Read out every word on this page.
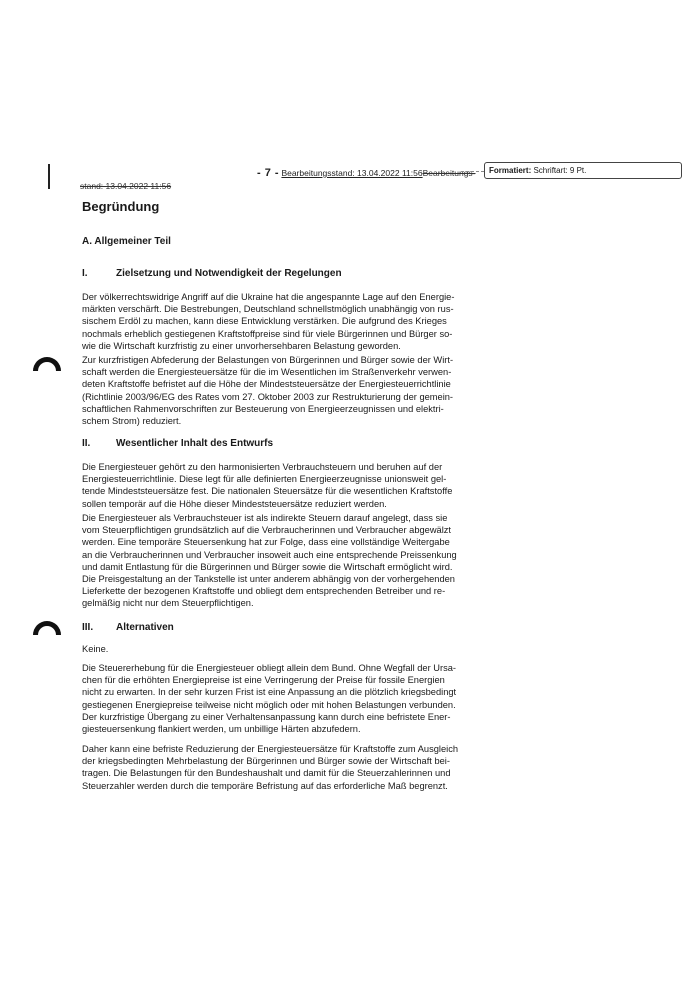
- 7 - Bearbeitungsstand: 13.04.2022 11:56Bearbeitungs-
stand: 13.04.2022 11:56
Formatiert: Schriftart: 9 Pt.
Begründung
A. Allgemeiner Teil
I.	Zielsetzung und Notwendigkeit der Regelungen
Der völkerrechtswidrige Angriff auf die Ukraine hat die angespannte Lage auf den Energie-
märkten verschärft. Die Bestrebungen, Deutschland schnellstmöglich unabhängig von rus-
sischem Erdöl zu machen, kann diese Entwicklung verstärken. Die aufgrund des Krieges
nochmals erheblich gestiegenen Kraftstoffpreise sind für viele Bürgerinnen und Bürger so-
wie die Wirtschaft kurzfristig zu einer unvorhersehbaren Belastung geworden.
Zur kurzfristigen Abfederung der Belastungen von Bürgerinnen und Bürger sowie der Wirt-
schaft werden die Energiesteuersätze für die im Wesentlichen im Straßenverkehr verwen-
deten Kraftstoffe befristet auf die Höhe der Mindeststeuersätze der Energiesteuerrichtlinie
(Richtlinie 2003/96/EG des Rates vom 27. Oktober 2003 zur Restrukturierung der gemein-
schaftlichen Rahmenvorschriften zur Besteuerung von Energieerzeugnissen und elektri-
schem Strom) reduziert.
II.	Wesentlicher Inhalt des Entwurfs
Die Energiesteuer gehört zu den harmonisierten Verbrauchsteuern und beruhen auf der
Energiesteuerrichtlinie. Diese legt für alle definierten Energieerzeugnisse unionsweit gel-
tende Mindeststeuersätze fest. Die nationalen Steuersätze für die wesentlichen Kraftstoffe
sollen temporär auf die Höhe dieser Mindeststeuersätze reduziert werden.
Die Energiesteuer als Verbrauchsteuer ist als indirekte Steuern darauf angelegt, dass sie
vom Steuerpflichtigen grundsätzlich auf die Verbraucherinnen und Verbraucher abgewälzt
werden. Eine temporäre Steuersenkung hat zur Folge, dass eine vollständige Weitergabe
an die Verbraucherinnen und Verbraucher insoweit auch eine entsprechende Preissenkung
und damit Entlastung für die Bürgerinnen und Bürger sowie die Wirtschaft ermöglicht wird.
Die Preisgestaltung an der Tankstelle ist unter anderem abhängig von der vorhergehenden
Lieferkette der bezogenen Kraftstoffe und obliegt dem entsprechenden Betreiber und re-
gelmäßig nicht nur dem Steuerpflichtigen.
III. Alternativen
Keine.
Die Steuererhebung für die Energiesteuer obliegt allein dem Bund. Ohne Wegfall der Ursa-
chen für die erhöhten Energiepreise ist eine Verringerung der Preise für fossile Energien
nicht zu erwarten. In der sehr kurzen Frist ist eine Anpassung an die plötzlich kriegsbedingt
gestiegenen Energiepreise teilweise nicht möglich oder mit hohen Belastungen verbunden.
Der kurzfristige Übergang zu einer Verhaltensanpassung kann durch eine befristete Ener-
giesteuersenkung flankiert werden, um unbillige Härten abzufedern.
Daher kann eine befriste Reduzierung der Energiesteuersätze für Kraftstoffe zum Ausgleich
der kriegsbedingten Mehrbelastung der Bürgerinnen und Bürger sowie der Wirtschaft bei-
tragen. Die Belastungen für den Bundeshaushalt und damit für die Steuerzahlerinnen und
Steuerzahler werden durch die temporäre Befristung auf das erforderliche Maß begrenzt.
